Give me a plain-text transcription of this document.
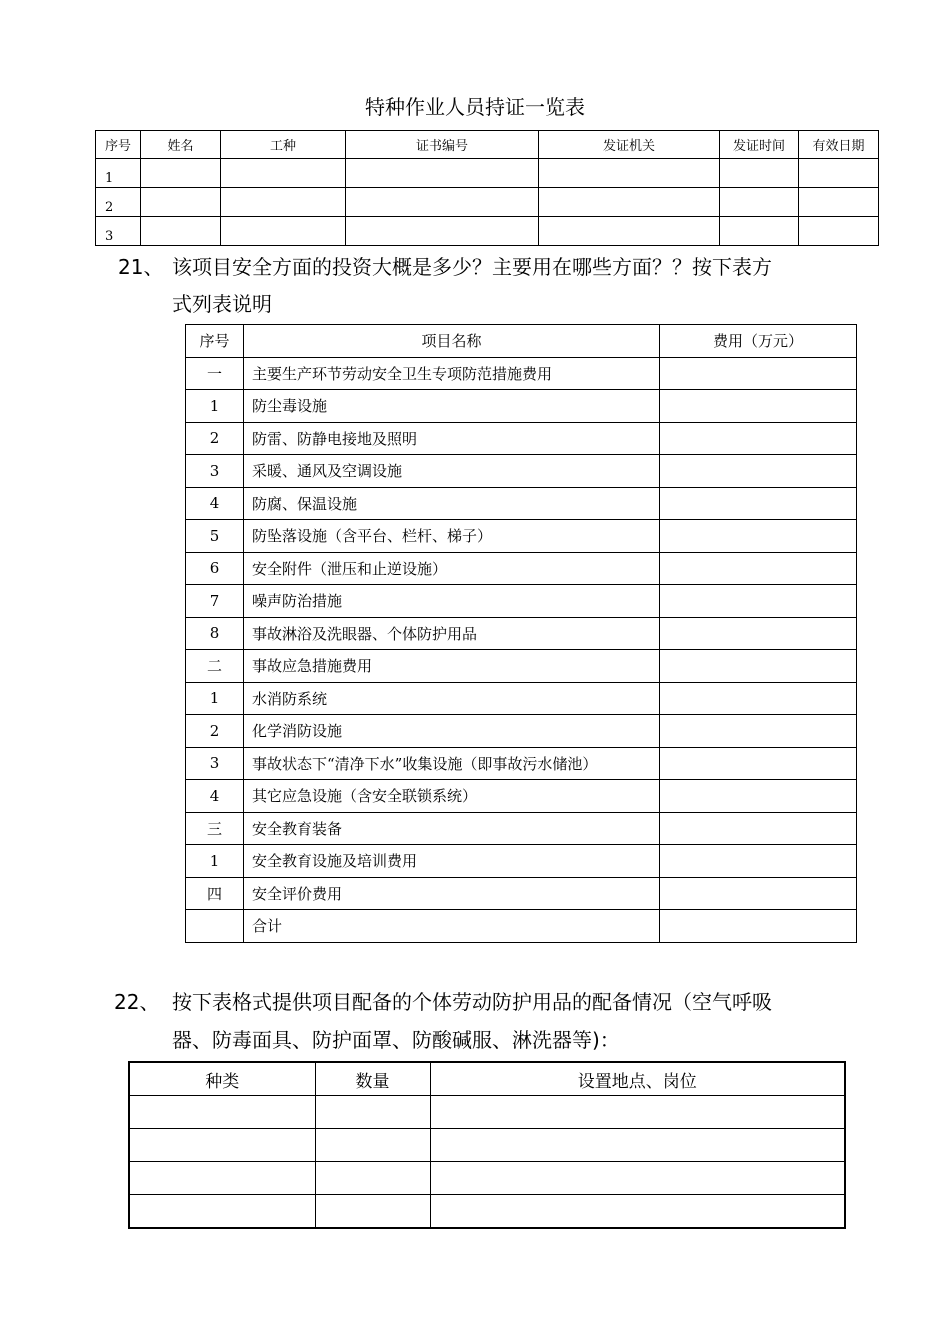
特种作业人员持证一览表
序号	姓名	工种	证书编号	发证机关	发证时间	有效日期
1						
2						
3						
21、 该项目安全方面的投资大概是多少？主要用在哪些方面？？按下表方
式列表说明
序号	项目名称	费用（万元）
一	主要生产环节劳动安全卫生专项防范措施费用	
1	防尘毒设施	
2	防雷、防静电接地及照明	
3	采暖、通风及空调设施	
4	防腐、保温设施	
5	防坠落设施（含平台、栏杆、梯子）	
6	安全附件（泄压和止逆设施）	
7	噪声防治措施	
8	事故淋浴及洗眼器、个体防护用品	
二	事故应急措施费用	
1	水消防系统	
2	化学消防设施	
3	事故状态下“清净下水”收集设施（即事故污水储池）	
4	其它应急设施（含安全联锁系统）	
三	安全教育装备	
1	安全教育设施及培训费用	
四	安全评价费用	
	合计	
22、 按下表格式提供项目配备的个体劳动防护用品的配备情况（空气呼吸
器、防毒面具、防护面罩、防酸碱服、淋洗器等)：
种类	数量	设置地点、岗位
